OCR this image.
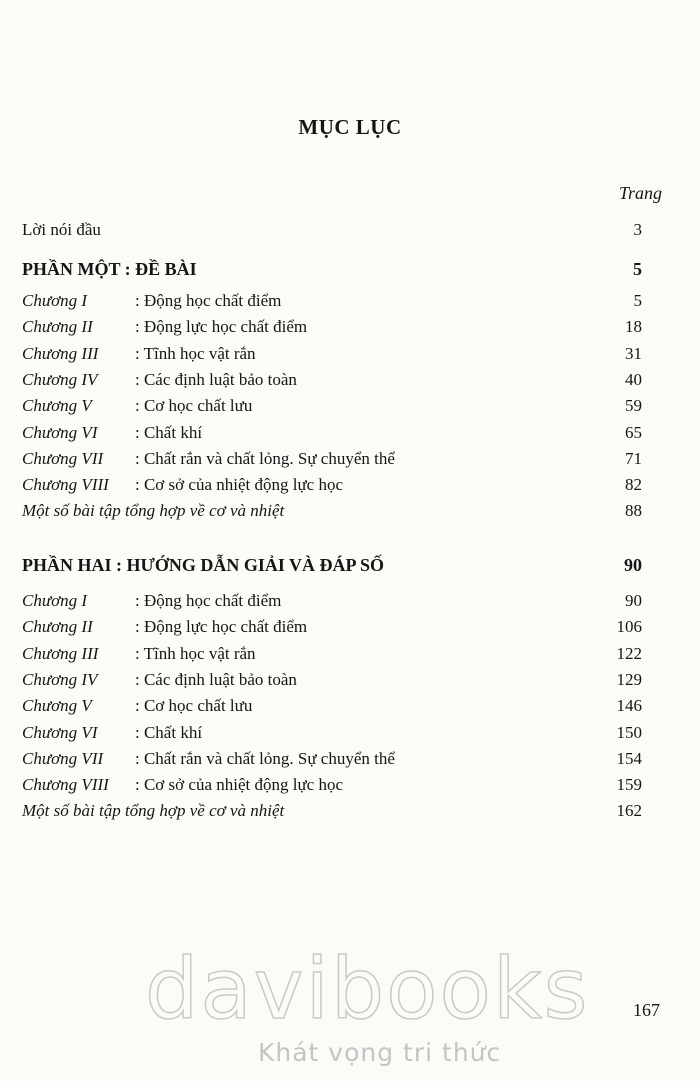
MỤC LỤC
Trang
Lời nói đầu	3
PHẦN MỘT : ĐỀ BÀI	5
Chương I	: Động học chất điểm	5
Chương II : Động lực học chất điểm	18
Chương III : Tĩnh học vật rắn	31
Chương IV : Các định luật bảo toàn	40
Chương V	: Cơ học chất lưu	59
Chương VI : Chất khí	65
Chương VII : Chất rắn và chất lỏng. Sự chuyển thể	71
Chương VIII : Cơ sở của nhiệt động lực học	82
Một số bài tập tổng hợp về cơ và nhiệt	88
PHẦN HAI : HƯỚNG DẪN GIẢI VÀ ĐÁP SỐ	90
Chương I	: Động học chất điểm	90
Chương II : Động lực học chất điểm	106
Chương III : Tĩnh học vật rắn	122
Chương IV : Các định luật bảo toàn	129
Chương V	: Cơ học chất lưu	146
Chương VI : Chất khí	150
Chương VII : Chất rắn và chất lỏng. Sự chuyển thể	154
Chương VIII : Cơ sở của nhiệt động lực học	159
Một số bài tập tổng hợp về cơ và nhiệt	162
davibooks
Khát vọng tri thức
167
